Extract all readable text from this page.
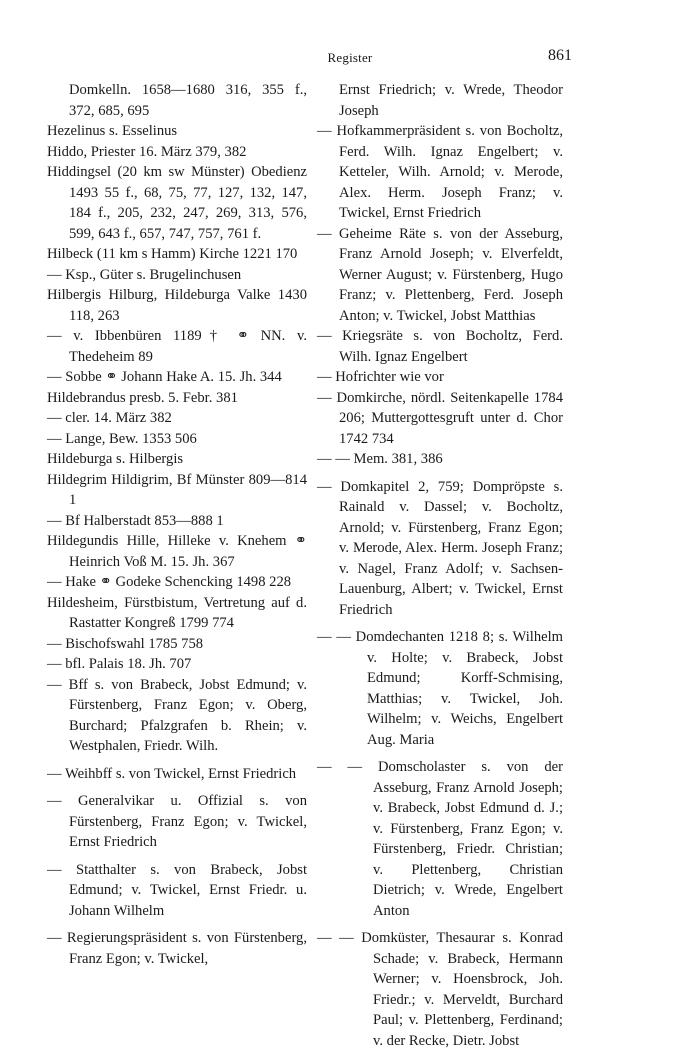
Register	861
Domkelln. 1658—1680 316, 355 f., 372, 685, 695
Hezelinus s. Esselinus
Hiddo, Priester 16. März 379, 382
Hiddingsel (20 km sw Münster) Obedienz 1493 55 f., 68, 75, 77, 127, 132, 147, 184 f., 205, 232, 247, 269, 313, 576, 599, 643 f., 657, 747, 757, 761 f.
Hilbeck (11 km s Hamm) Kirche 1221 170
— Ksp., Güter s. Brugelinchusen
Hilbergis Hilburg, Hildeburga Valke 1430 118, 263
— v. Ibbenbüren 1189† ⚭ NN. v. Thedeheim 89
— Sobbe ⚭ Johann Hake A. 15. Jh. 344
Hildebrandus presb. 5. Febr. 381
— cler. 14. März 382
— Lange, Bew. 1353 506
Hildeburga s. Hilbergis
Hildegrim Hildigrim, Bf Münster 809—814 1
— Bf Halberstadt 853—888 1
Hildegundis Hille, Hilleke v. Knehem ⚭ Heinrich Voß M. 15. Jh. 367
— Hake ⚭ Godeke Schencking 1498 228
Hildesheim, Fürstbistum, Vertretung auf d. Rastatter Kongreß 1799 774
— Bischofswahl 1785 758
— bfl. Palais 18. Jh. 707
— Bff s. von Brabeck, Jobst Edmund; v. Fürstenberg, Franz Egon; v. Oberg, Burchard; Pfalzgrafen b. Rhein; v. Westphalen, Friedr. Wilh.
— Weihbff s. von Twickel, Ernst Friedrich
— Generalvikar u. Offizial s. von Fürstenberg, Franz Egon; v. Twickel, Ernst Friedrich
— Statthalter s. von Brabeck, Jobst Edmund; v. Twickel, Ernst Friedr. u. Johann Wilhelm
— Regierungspräsident s. von Fürstenberg, Franz Egon; v. Twickel,
Ernst Friedrich; v. Wrede, Theodor Joseph
— Hofkammerpräsident s. von Bocholtz, Ferd. Wilh. Ignaz Engelbert; v. Ketteler, Wilh. Arnold; v. Merode, Alex. Herm. Joseph Franz; v. Twickel, Ernst Friedrich
— Geheime Räte s. von der Asseburg, Franz Arnold Joseph; v. Elverfeldt, Werner August; v. Fürstenberg, Hugo Franz; v. Plettenberg, Ferd. Joseph Anton; v. Twickel, Jobst Matthias
— Kriegsräte s. von Bocholtz, Ferd. Wilh. Ignaz Engelbert
— Hofrichter wie vor
— Domkirche, nördl. Seitenkapelle 1784 206; Muttergottesgruft unter d. Chor 1742 734
— — Mem. 381, 386
— Domkapitel 2, 759; Dompröpste s. Rainald v. Dassel; v. Bocholtz, Arnold; v. Fürstenberg, Franz Egon; v. Merode, Alex. Herm. Joseph Franz; v. Nagel, Franz Adolf; v. Sachsen-Lauenburg, Albert; v. Twickel, Ernst Friedrich
— — Domdechanten 1218 8; s. Wilhelm v. Holte; v. Brabeck, Jobst Edmund; Korff-Schmising, Matthias; v. Twickel, Joh. Wilhelm; v. Weichs, Engelbert Aug. Maria
— — Domscholaster s. von der Asseburg, Franz Arnold Joseph; v. Brabeck, Jobst Edmund d. J.; v. Fürstenberg, Franz Egon; v. Fürstenberg, Friedr. Christian; v. Plettenberg, Christian Dietrich; v. Wrede, Engelbert Anton
— — Domküster, Thesaurar s. Konrad Schade; v. Brabeck, Hermann Werner; v. Hoensbrock, Joh. Friedr.; v. Merveldt, Burchard Paul; v. Plettenberg, Ferdinand; v. der Recke, Dietr. Jobst
